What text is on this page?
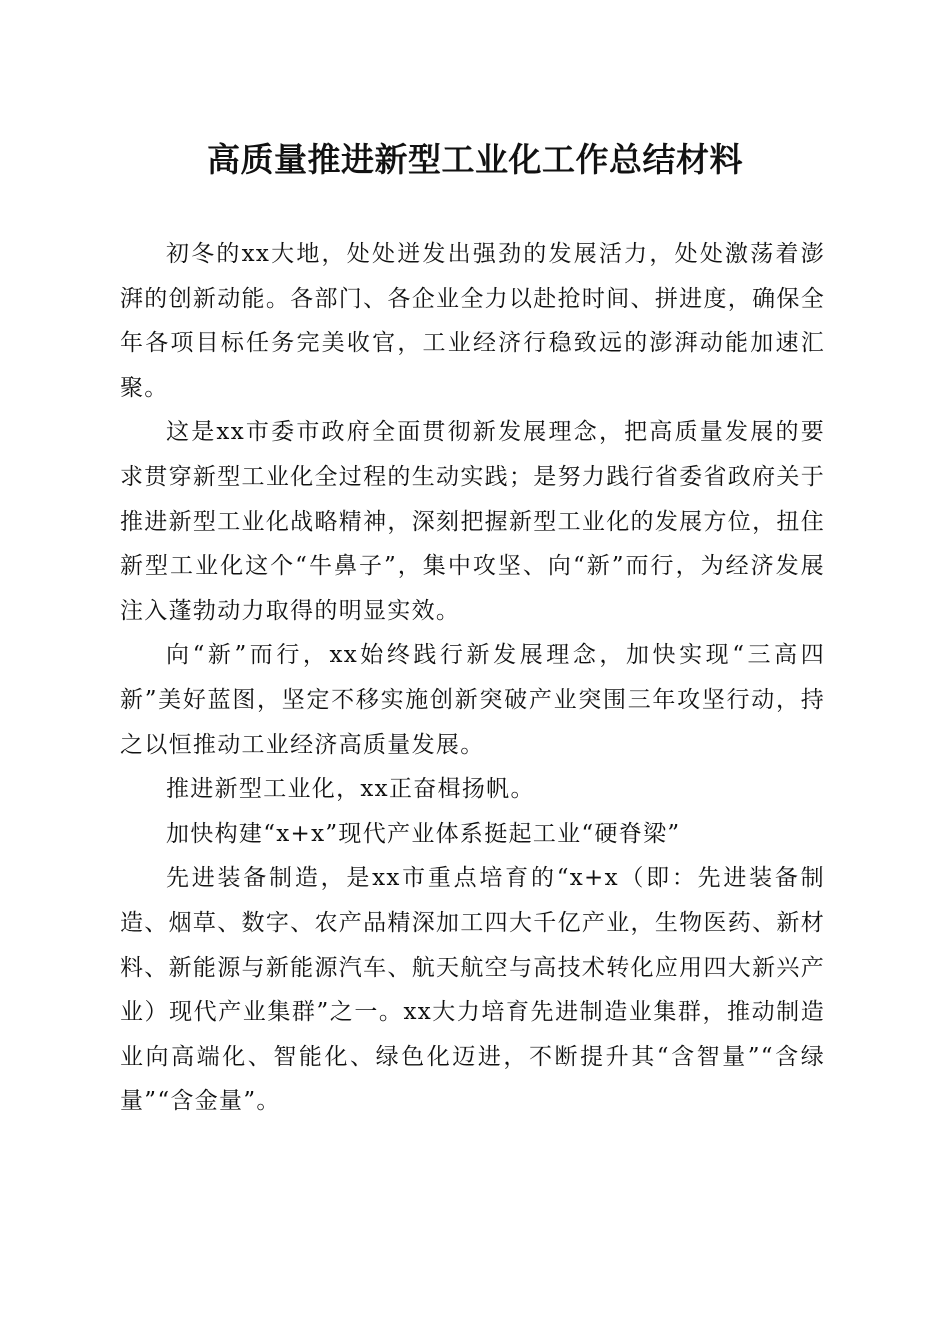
高质量推进新型工业化工作总结材料

初冬的xx大地，处处迸发出强劲的发展活力，处处激荡着澎湃的创新动能。各部门、各企业全力以赴抢时间、拼进度，确保全年各项目标任务完美收官，工业经济行稳致远的澎湃动能加速汇聚。

这是xx市委市政府全面贯彻新发展理念，把高质量发展的要求贯穿新型工业化全过程的生动实践；是努力践行省委省政府关于推进新型工业化战略精神，深刻把握新型工业化的发展方位，扭住新型工业化这个“牛鼻子”，集中攻坚、向“新”而行，为经济发展注入蓬勃动力取得的明显实效。

向“新”而行，xx始终践行新发展理念，加快实现“三高四新”美好蓝图，坚定不移实施创新突破产业突围三年攻坚行动，持之以恒推动工业经济高质量发展。

推进新型工业化，xx正奋楫扬帆。

加快构建“x+x”现代产业体系挺起工业“硬脊梁”

先进装备制造，是xx市重点培育的“x+x（即：先进装备制造、烟草、数字、农产品精深加工四大千亿产业，生物医药、新材料、新能源与新能源汽车、航天航空与高技术转化应用四大新兴产业）现代产业集群”之一。xx大力培育先进制造业集群，推动制造业向高端化、智能化、绿色化迈进，不断提升其“含智量”“含绿量”“含金量”。
